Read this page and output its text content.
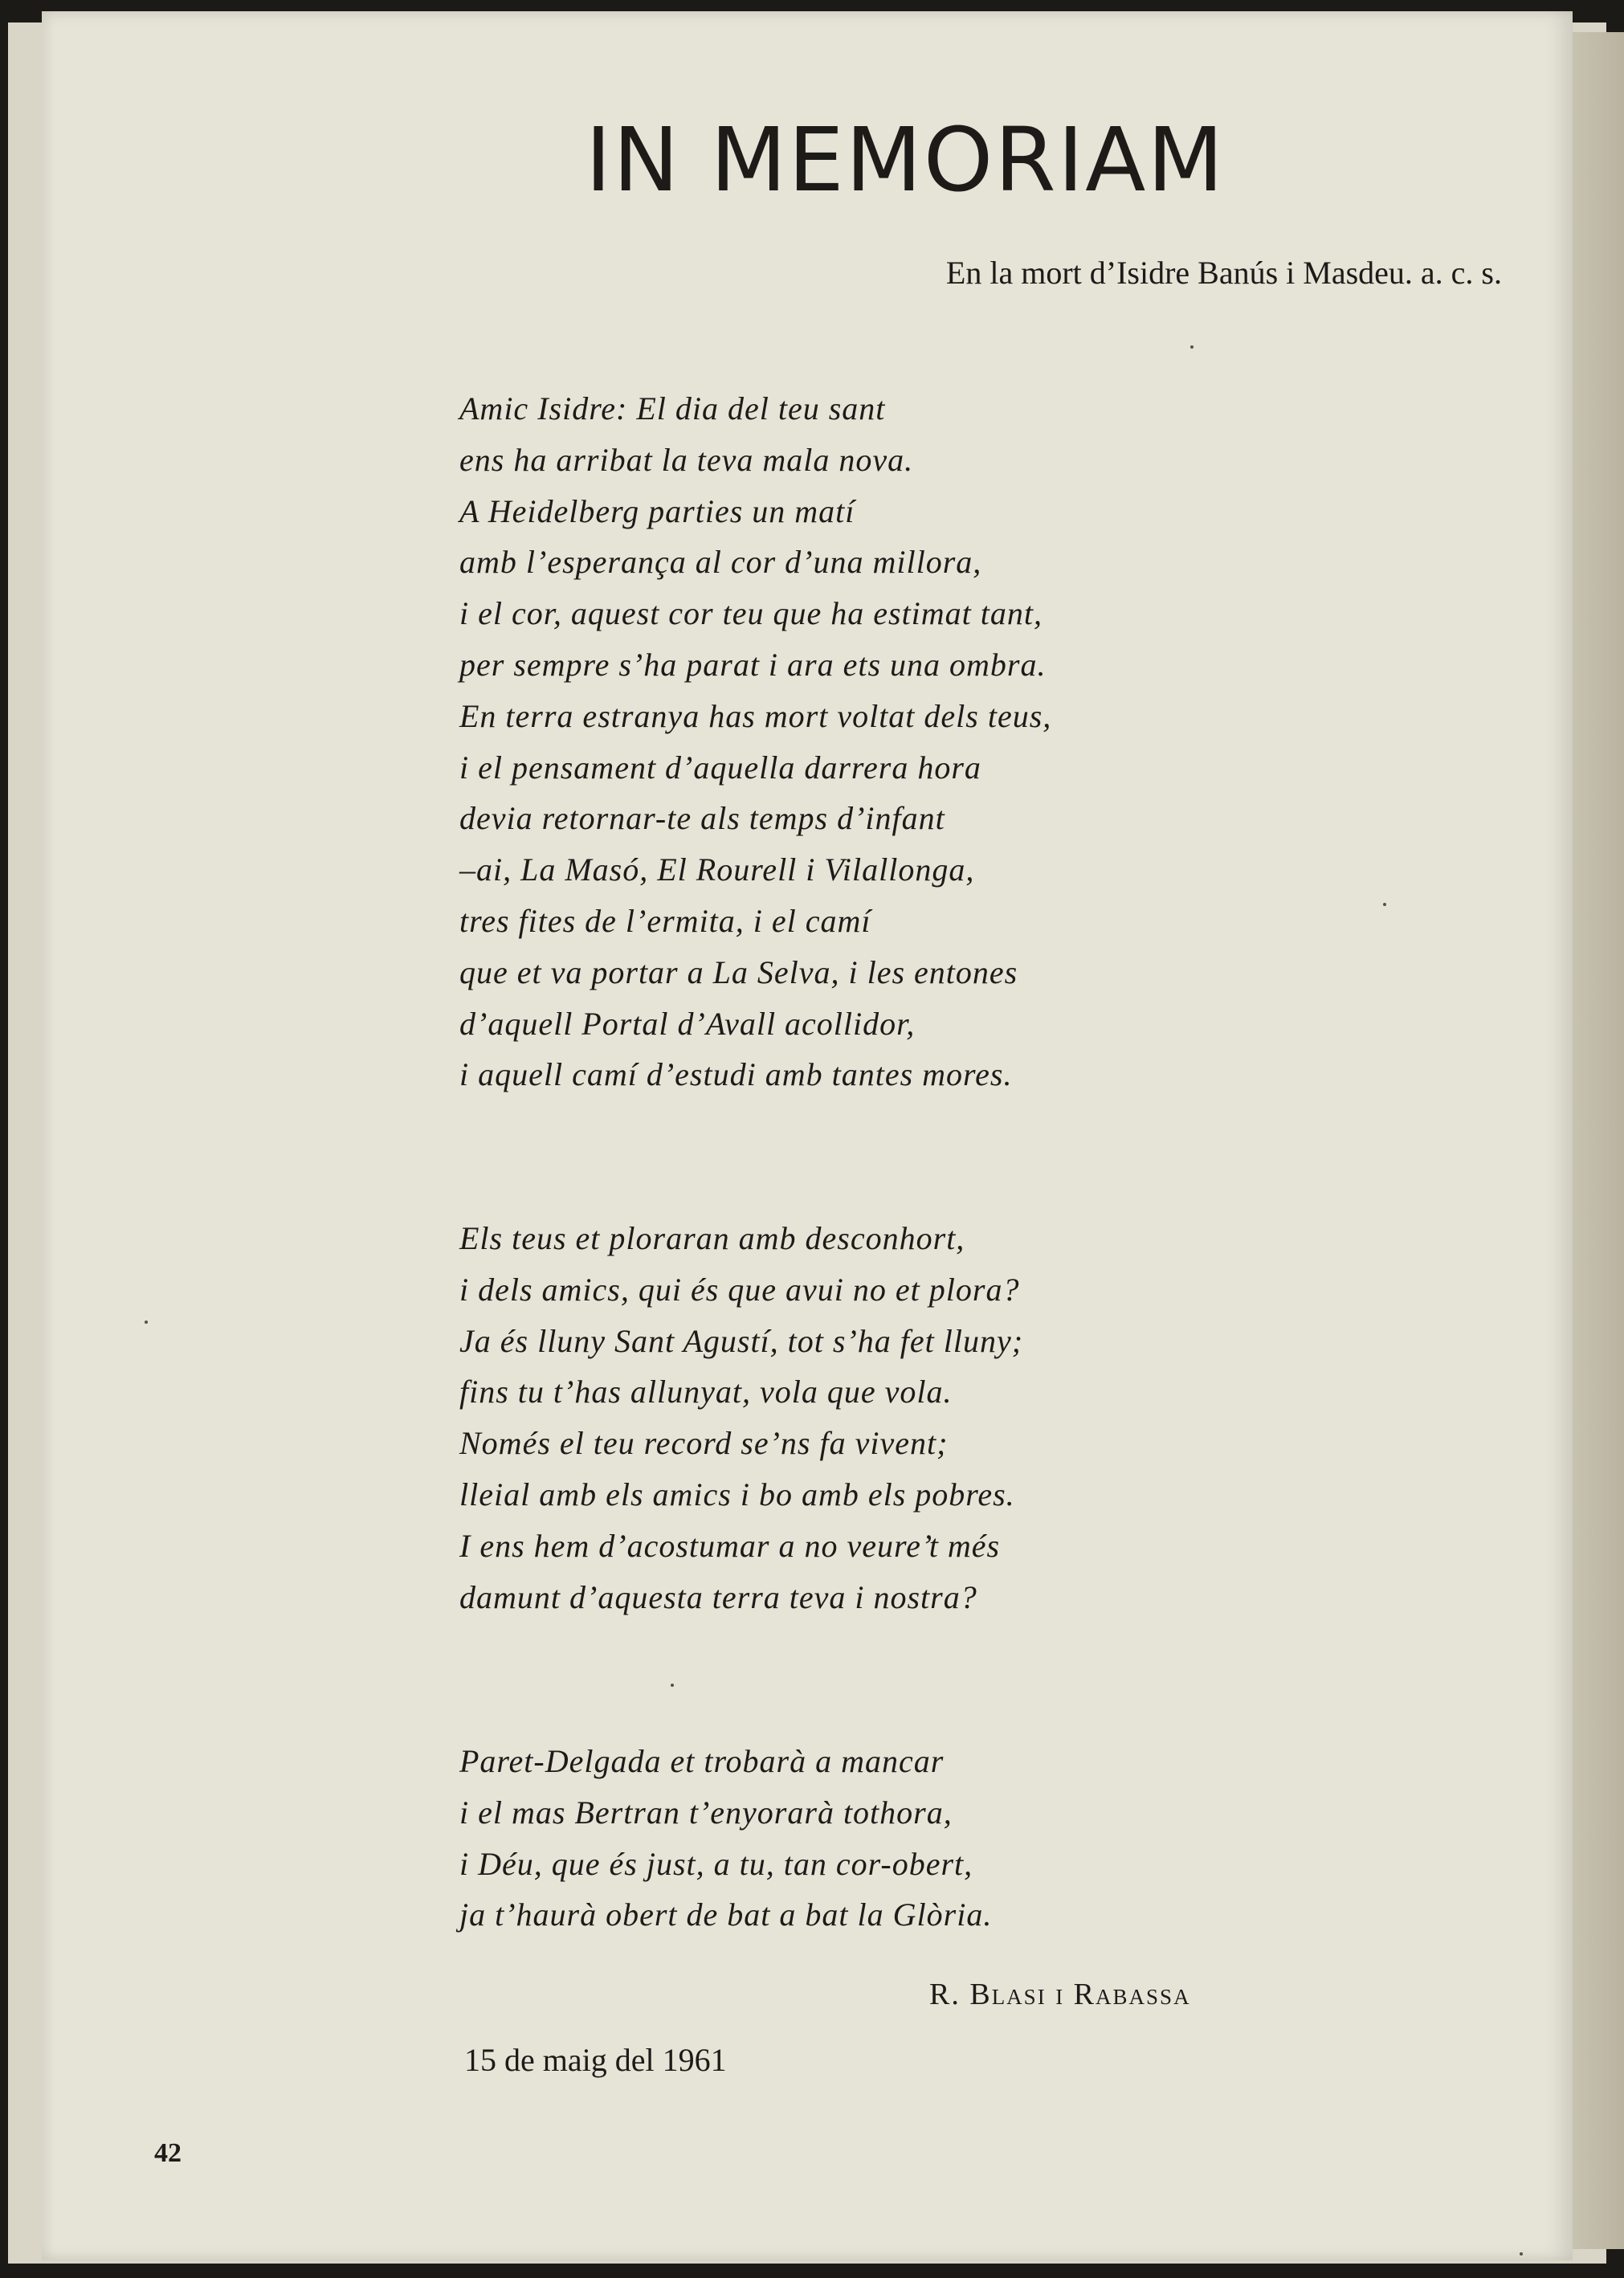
IN MEMORIAM

En la mort d’Isidre Banús i Masdeu. a. c. s.

Amic Isidre: El dia del teu sant
ens ha arribat la teva mala nova.
A Heidelberg parties un matí
amb l’esperança al cor d’una millora,
i el cor, aquest cor teu que ha estimat tant,
per sempre s’ha parat i ara ets una ombra.
En terra estranya has mort voltat dels teus,
i el pensament d’aquella darrera hora
devia retornar-te als temps d’infant
–ai, La Masó, El Rourell i Vilallonga,
tres fites de l’ermita, i el camí
que et va portar a La Selva, i les entones
d’aquell Portal d’Avall acollidor,
i aquell camí d’estudi amb tantes mores.
Els teus et ploraran amb desconhort,
i dels amics, qui és que avui no et plora?
Ja és lluny Sant Agustí, tot s’ha fet lluny;
fins tu t’has allunyat, vola que vola.
Només el teu record se’ns fa vivent;
lleial amb els amics i bo amb els pobres.
I ens hem d’acostumar a no veure’t més
damunt d’aquesta terra teva i nostra?
Paret-Delgada et trobarà a mancar
i el mas Bertran t’enyorarà tothora,
i Déu, que és just, a tu, tan cor-obert,
ja t’haurà obert de bat a bat la Glòria.
R. Blasi i Rabassa
15 de maig del 1961
42
